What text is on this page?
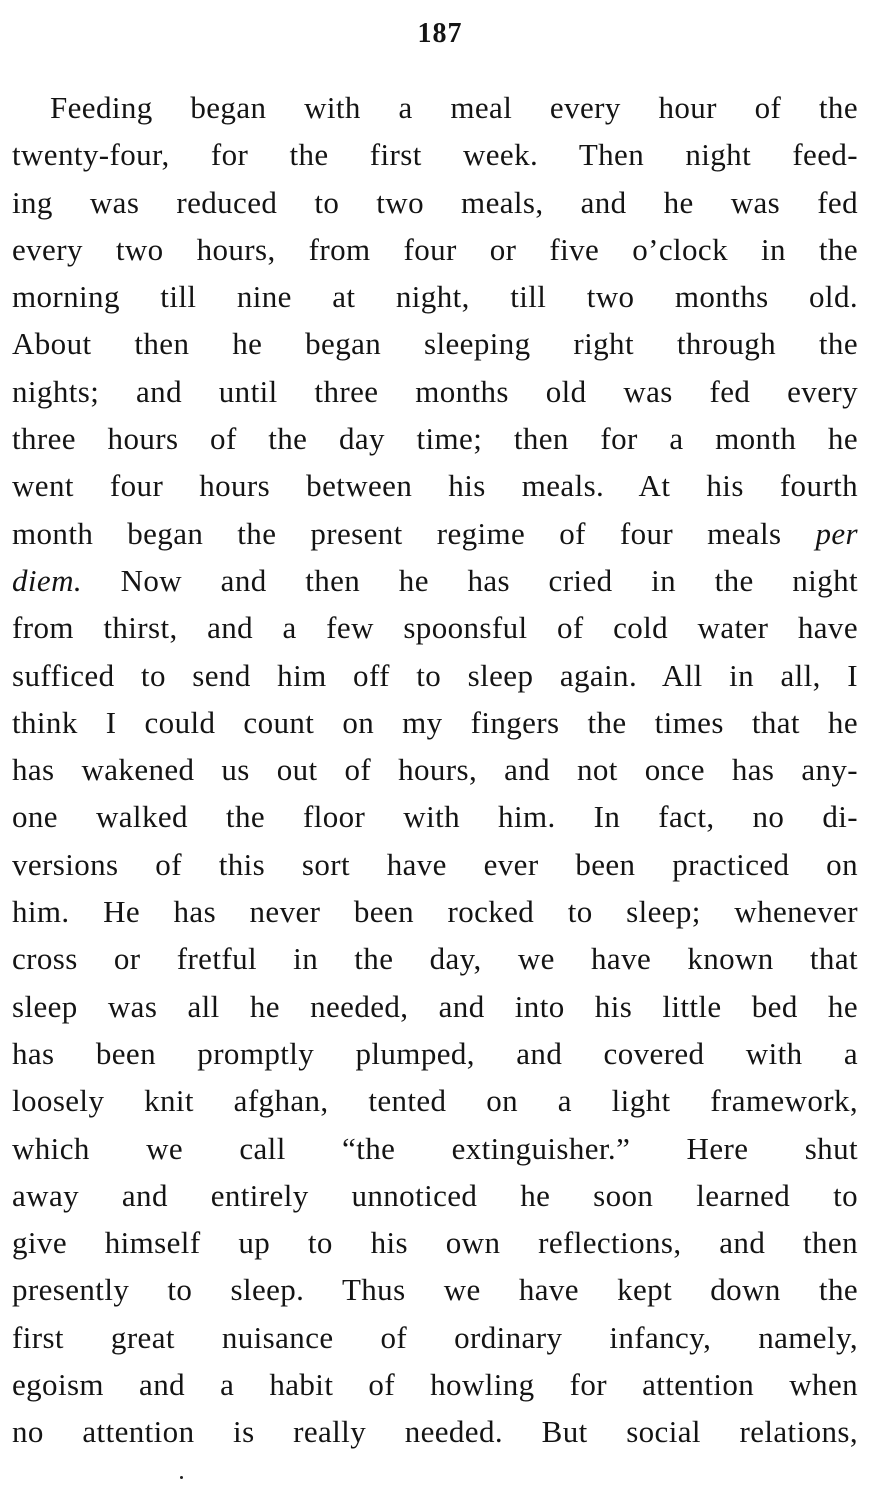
187
Feeding began with a meal every hour of the
twenty-four, for the first week. Then night feed-
ing was reduced to two meals, and he was fed
every two hours, from four or five o’clock in the
morning till nine at night, till two months old.
About then he began sleeping right through the
nights; and until three months old was fed every
three hours of the day time; then for a month he
went four hours between his meals. At his fourth
month began the present regime of four meals per
diem. Now and then he has cried in the night
from thirst, and a few spoonsful of cold water have
sufficed to send him off to sleep again. All in all, I
think I could count on my fingers the times that he
has wakened us out of hours, and not once has any-
one walked the floor with him. In fact, no di-
versions of this sort have ever been practiced on
him. He has never been rocked to sleep; whenever
cross or fretful in the day, we have known that
sleep was all he needed, and into his little bed he
has been promptly plumped, and covered with a
loosely knit afghan, tented on a light framework,
which we call “the extinguisher.” Here shut
away and entirely unnoticed he soon learned to
give himself up to his own reflections, and then
presently to sleep. Thus we have kept down the
first great nuisance of ordinary infancy, namely,
egoism and a habit of howling for attention when
no attention is really needed. But social relations,
